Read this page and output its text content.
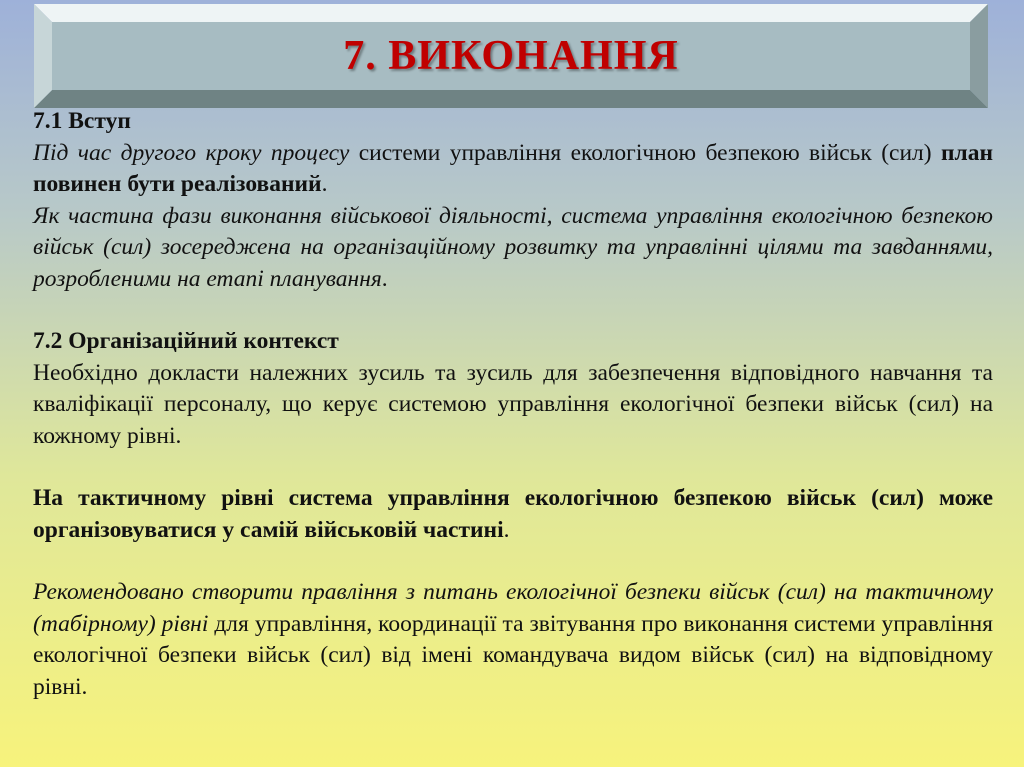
7. ВИКОНАННЯ

7.1 Вступ

Під час другого кроку процесу системи управління екологічною безпекою військ (сил) план повинен бути реалізований.

Як частина фази виконання військової діяльності, система управління екологічною безпекою військ (сил) зосереджена на організаційному розвитку та управлінні цілями та завданнями, розробленими на етапі планування.

7.2 Організаційний контекст

Необхідно докласти належних зусиль та зусиль для забезпечення відповідного навчання та кваліфікації персоналу, що керує системою управління екологічної безпеки військ (сил) на кожному рівні.

На тактичному рівні система управління екологічною безпекою військ (сил) може організовуватися у самій військовій частині.

Рекомендовано створити правління з питань екологічної безпеки військ (сил) на тактичному (табірному) рівні для управління, координації та звітування про виконання системи управління екологічної безпеки військ (сил) від імені командувача видом військ (сил) на відповідному рівні.
